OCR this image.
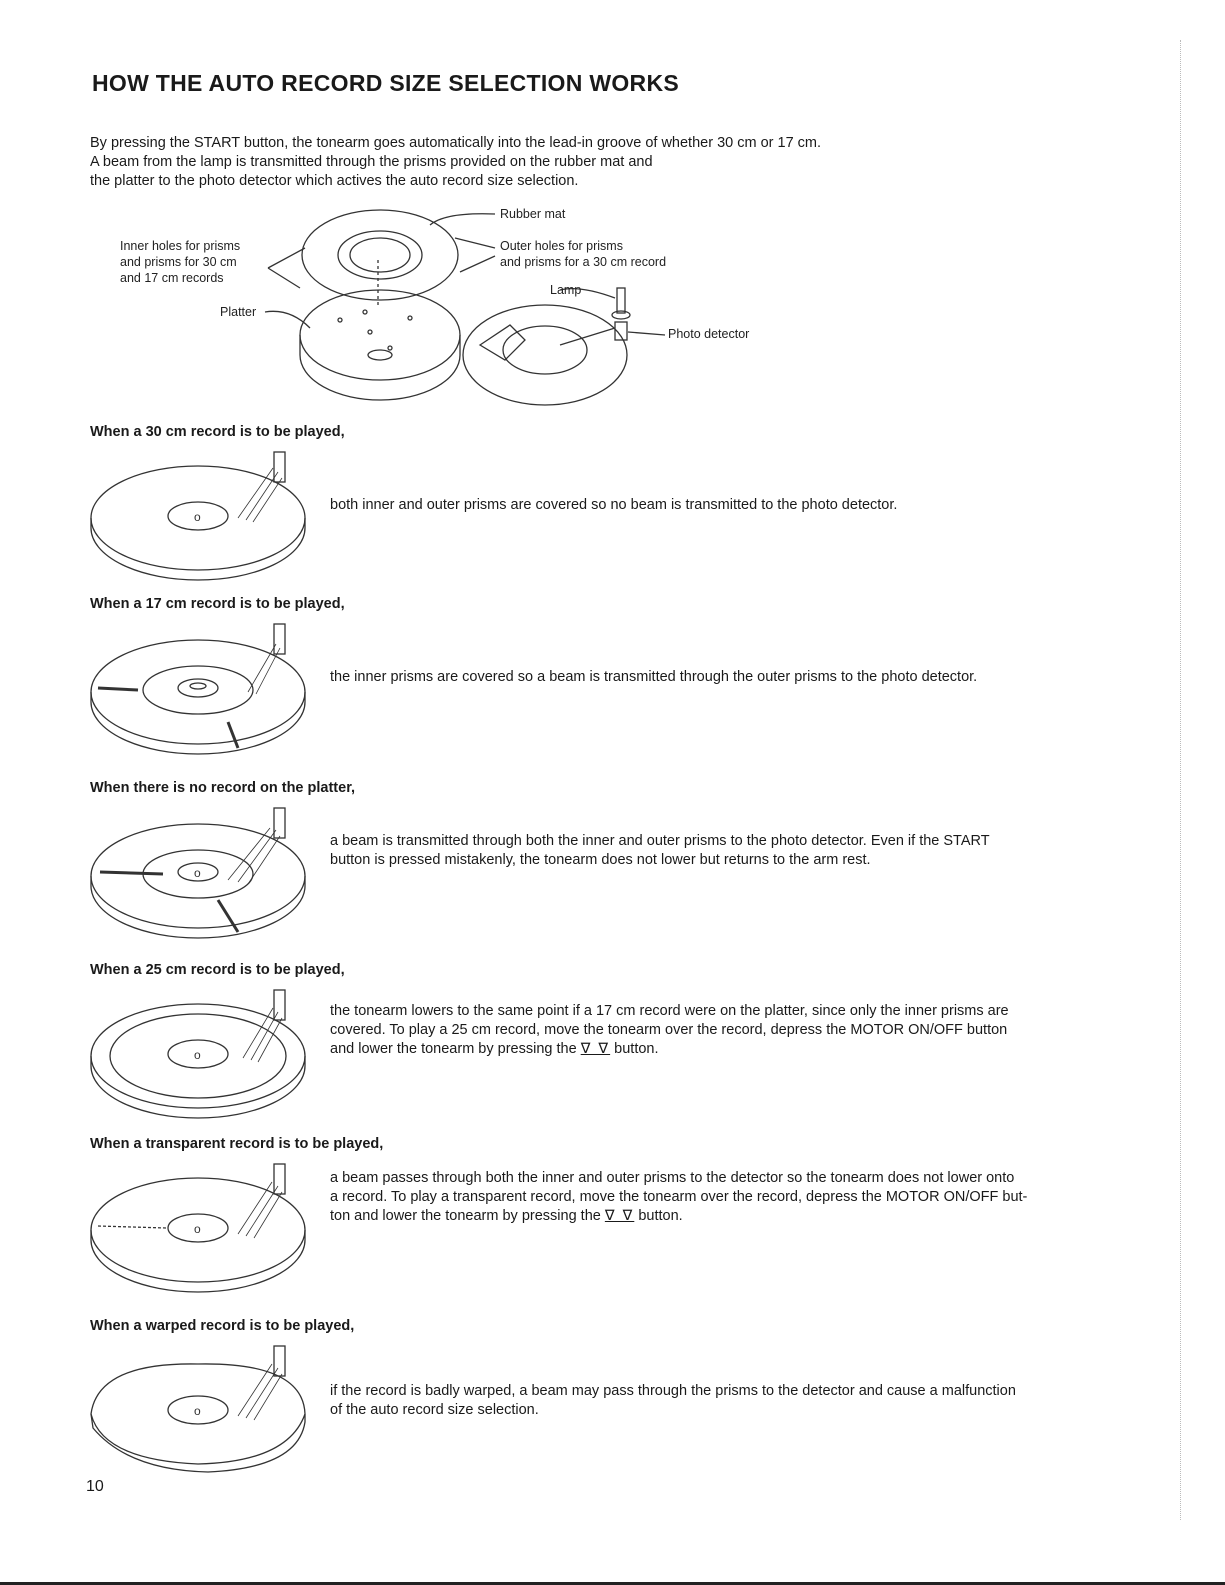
HOW THE AUTO RECORD SIZE SELECTION WORKS

By pressing the START button, the tonearm goes automatically into the lead-in groove of whether 30 cm or 17 cm.

A beam from the lamp is transmitted through the prisms provided on the rubber mat and

the platter to the photo detector which actives the auto record size selection.

Inner holes for prisms
and prisms for 30 cm
and 17 cm records

Platter

Rubber mat

Outer holes for prisms
and prisms for a 30 cm record

Lamp

Photo detector

When a 30 cm record is to be played,
o

both inner and outer prisms are covered so no beam is transmitted to the photo detector.

When a 17 cm record is to be played,

the inner prisms are covered so a beam is transmitted through the outer prisms to the photo detector.

When there is no record on the platter,
o

a beam is transmitted through both the inner and outer prisms to the photo detector. Even if the START
button is pressed mistakenly, the tonearm does not lower but returns to the arm rest.

When a 25 cm record is to be played,
o

the tonearm lowers to the same point if a 17 cm record were on the platter, since only the inner prisms are
covered. To play a 25 cm record, move the tonearm over the record, depress the MOTOR ON/OFF button
and lower the tonearm by pressing the ∇ ∇ button.

When a transparent record is to be played,
o

a beam passes through both the inner and outer prisms to the detector so the tonearm does not lower onto
a record. To play a transparent record, move the tonearm over the record, depress the MOTOR ON/OFF but-
ton and lower the tonearm by pressing the ∇ ∇ button.

When a warped record is to be played,
o

if the record is badly warped, a beam may pass through the prisms to the detector and cause a malfunction
of the auto record size selection.

10
